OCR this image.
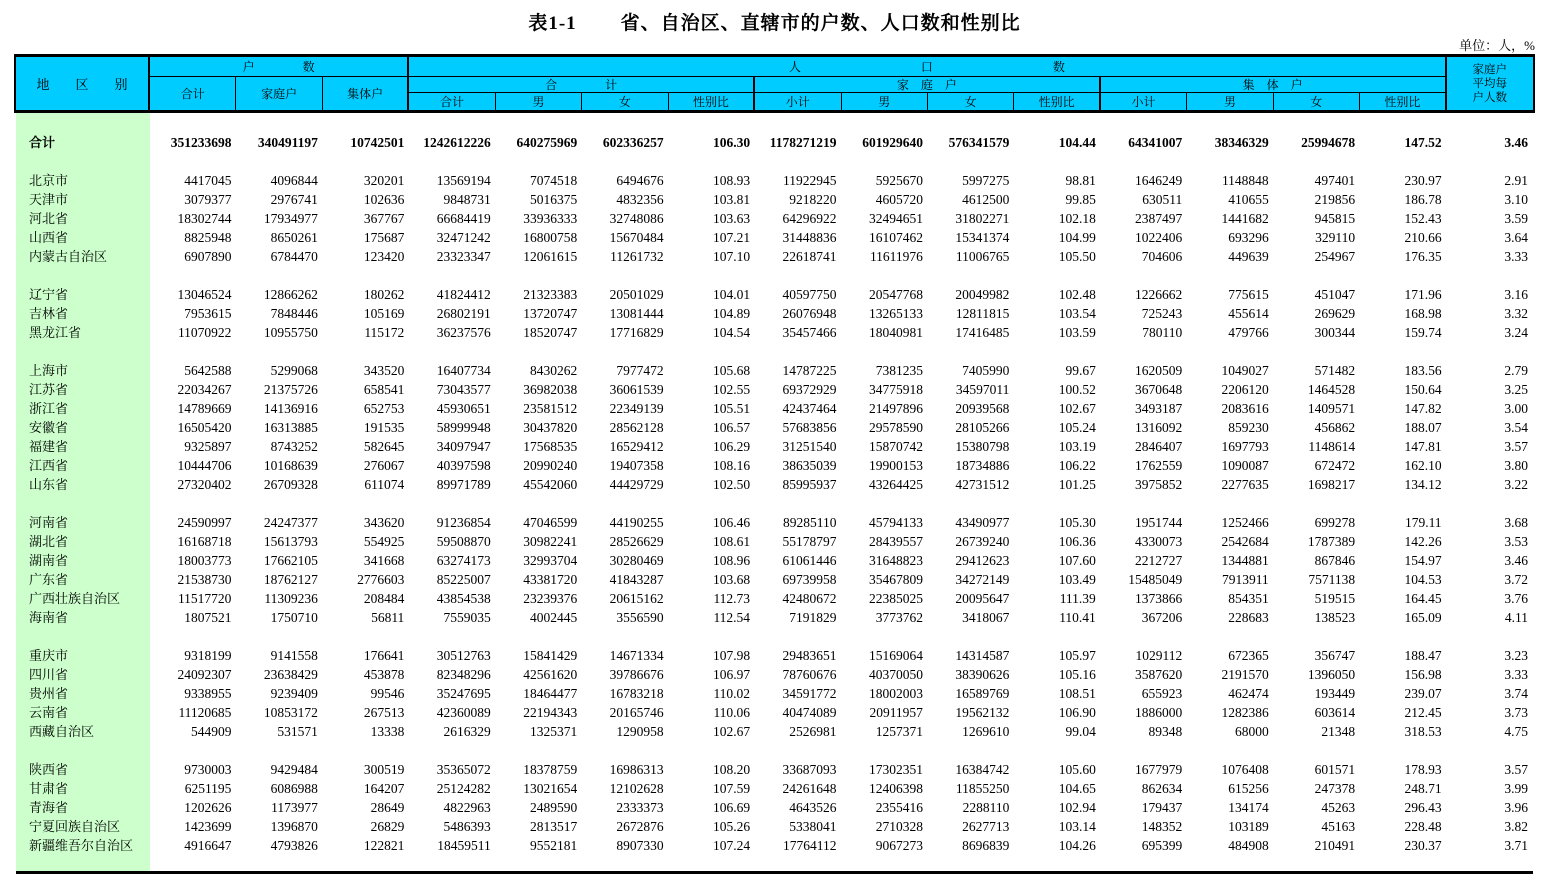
表1-1 省、自治区、直辖市的户数、人口数和性别比
单位：人，%
地　　区　　别
户　　　　数	人　　　　　　　　　　口　　　　　　　　　　数	家庭户
平均每
户人数
合计	家庭户	集体户
合　　　　计	家　庭　户	集　体　户
合计	男	女	性别比	小计	男	女	性别比	小计	男	女	性别比
合计	351233698	340491197	10742501	1242612226	640275969	602336257	106.30	1178271219	601929640	576341579	104.44	64341007	38346329	25994678	147.52	3.46
北京市	4417045	4096844	320201	13569194	7074518	6494676	108.93	11922945	5925670	5997275	98.81	1646249	1148848	497401	230.97	2.91
天津市	3079377	2976741	102636	9848731	5016375	4832356	103.81	9218220	4605720	4612500	99.85	630511	410655	219856	186.78	3.10
河北省	18302744	17934977	367767	66684419	33936333	32748086	103.63	64296922	32494651	31802271	102.18	2387497	1441682	945815	152.43	3.59
山西省	8825948	8650261	175687	32471242	16800758	15670484	107.21	31448836	16107462	15341374	104.99	1022406	693296	329110	210.66	3.64
内蒙古自治区	6907890	6784470	123420	23323347	12061615	11261732	107.10	22618741	11611976	11006765	105.50	704606	449639	254967	176.35	3.33
辽宁省	13046524	12866262	180262	41824412	21323383	20501029	104.01	40597750	20547768	20049982	102.48	1226662	775615	451047	171.96	3.16
吉林省	7953615	7848446	105169	26802191	13720747	13081444	104.89	26076948	13265133	12811815	103.54	725243	455614	269629	168.98	3.32
黑龙江省	11070922	10955750	115172	36237576	18520747	17716829	104.54	35457466	18040981	17416485	103.59	780110	479766	300344	159.74	3.24
上海市	5642588	5299068	343520	16407734	8430262	7977472	105.68	14787225	7381235	7405990	99.67	1620509	1049027	571482	183.56	2.79
江苏省	22034267	21375726	658541	73043577	36982038	36061539	102.55	69372929	34775918	34597011	100.52	3670648	2206120	1464528	150.64	3.25
浙江省	14789669	14136916	652753	45930651	23581512	22349139	105.51	42437464	21497896	20939568	102.67	3493187	2083616	1409571	147.82	3.00
安徽省	16505420	16313885	191535	58999948	30437820	28562128	106.57	57683856	29578590	28105266	105.24	1316092	859230	456862	188.07	3.54
福建省	9325897	8743252	582645	34097947	17568535	16529412	106.29	31251540	15870742	15380798	103.19	2846407	1697793	1148614	147.81	3.57
江西省	10444706	10168639	276067	40397598	20990240	19407358	108.16	38635039	19900153	18734886	106.22	1762559	1090087	672472	162.10	3.80
山东省	27320402	26709328	611074	89971789	45542060	44429729	102.50	85995937	43264425	42731512	101.25	3975852	2277635	1698217	134.12	3.22
河南省	24590997	24247377	343620	91236854	47046599	44190255	106.46	89285110	45794133	43490977	105.30	1951744	1252466	699278	179.11	3.68
湖北省	16168718	15613793	554925	59508870	30982241	28526629	108.61	55178797	28439557	26739240	106.36	4330073	2542684	1787389	142.26	3.53
湖南省	18003773	17662105	341668	63274173	32993704	30280469	108.96	61061446	31648823	29412623	107.60	2212727	1344881	867846	154.97	3.46
广东省	21538730	18762127	2776603	85225007	43381720	41843287	103.68	69739958	35467809	34272149	103.49	15485049	7913911	7571138	104.53	3.72
广西壮族自治区	11517720	11309236	208484	43854538	23239376	20615162	112.73	42480672	22385025	20095647	111.39	1373866	854351	519515	164.45	3.76
海南省	1807521	1750710	56811	7559035	4002445	3556590	112.54	7191829	3773762	3418067	110.41	367206	228683	138523	165.09	4.11
重庆市	9318199	9141558	176641	30512763	15841429	14671334	107.98	29483651	15169064	14314587	105.97	1029112	672365	356747	188.47	3.23
四川省	24092307	23638429	453878	82348296	42561620	39786676	106.97	78760676	40370050	38390626	105.16	3587620	2191570	1396050	156.98	3.33
贵州省	9338955	9239409	99546	35247695	18464477	16783218	110.02	34591772	18002003	16589769	108.51	655923	462474	193449	239.07	3.74
云南省	11120685	10853172	267513	42360089	22194343	20165746	110.06	40474089	20911957	19562132	106.90	1886000	1282386	603614	212.45	3.73
西藏自治区	544909	531571	13338	2616329	1325371	1290958	102.67	2526981	1257371	1269610	99.04	89348	68000	21348	318.53	4.75
陕西省	9730003	9429484	300519	35365072	18378759	16986313	108.20	33687093	17302351	16384742	105.60	1677979	1076408	601571	178.93	3.57
甘肃省	6251195	6086988	164207	25124282	13021654	12102628	107.59	24261648	12406398	11855250	104.65	862634	615256	247378	248.71	3.99
青海省	1202626	1173977	28649	4822963	2489590	2333373	106.69	4643526	2355416	2288110	102.94	179437	134174	45263	296.43	3.96
宁夏回族自治区	1423699	1396870	26829	5486393	2813517	2672876	105.26	5338041	2710328	2627713	103.14	148352	103189	45163	228.48	3.82
新疆维吾尔自治区	4916647	4793826	122821	18459511	9552181	8907330	107.24	17764112	9067273	8696839	104.26	695399	484908	210491	230.37	3.71
